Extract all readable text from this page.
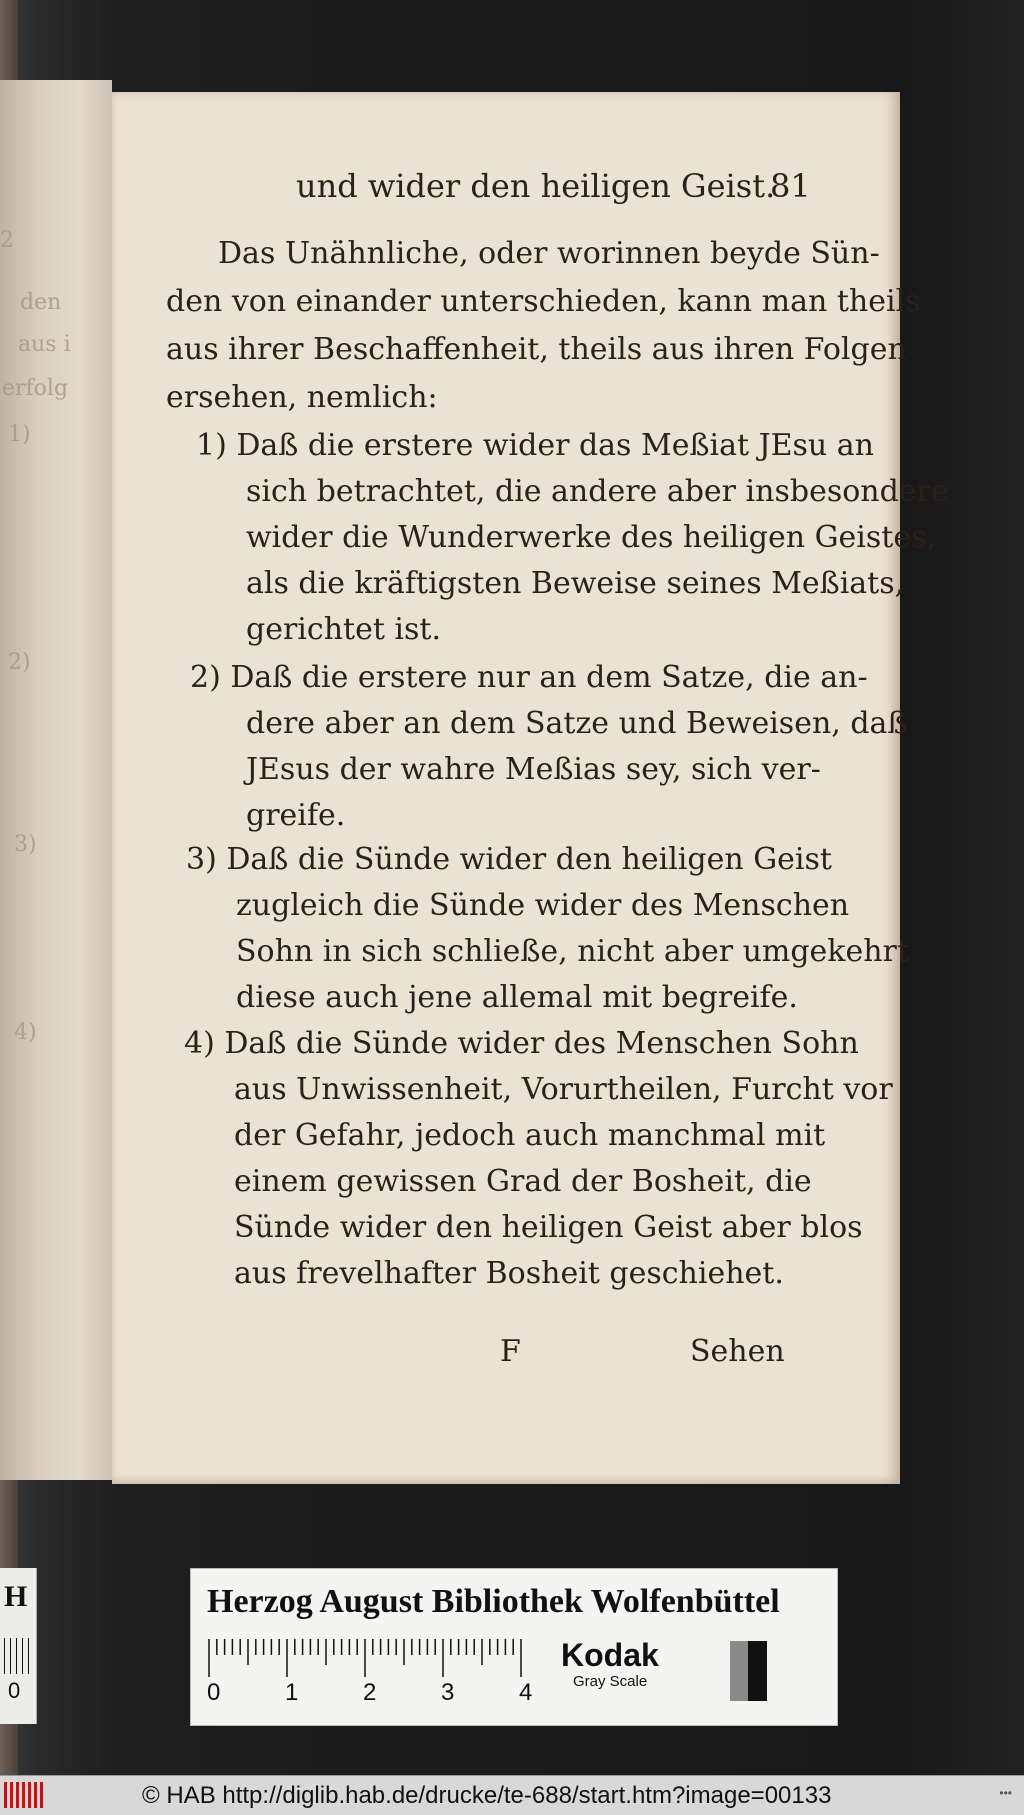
2
den
aus i
erfolg
1)
2)
3)
4)
und wider den heiligen Geist.
81
Das Unähnliche, oder worinnen beyde Sün-
den von einander unterschieden, kann man theils
aus ihrer Beschaffenheit, theils aus ihren Folgen
ersehen, nemlich:
1) Daß die erstere wider das Meßiat JEsu an
sich betrachtet, die andere aber insbesondere
wider die Wunderwerke des heiligen Geistes,
als die kräftigsten Beweise seines Meßiats,
gerichtet ist.
2) Daß die erstere nur an dem Satze, die an-
dere aber an dem Satze und Beweisen, daß
JEsus der wahre Meßias sey, sich ver-
greife.
3) Daß die Sünde wider den heiligen Geist
zugleich die Sünde wider des Menschen
Sohn in sich schließe, nicht aber umgekehrt
diese auch jene allemal mit begreife.
4) Daß die Sünde wider des Menschen Sohn
aus Unwissenheit, Vorurtheilen, Furcht vor
der Gefahr, jedoch auch manchmal mit
einem gewissen Grad der Bosheit, die
Sünde wider den heiligen Geist aber blos
aus frevelhafter Bosheit geschiehet.
F	Sehen
H
0
Herzog August Bibliothek Wolfenbüttel
0	1	2	3	4
Kodak
Gray Scale
© HAB http://diglib.hab.de/drucke/te-688/start.htm?image=00133	•••
